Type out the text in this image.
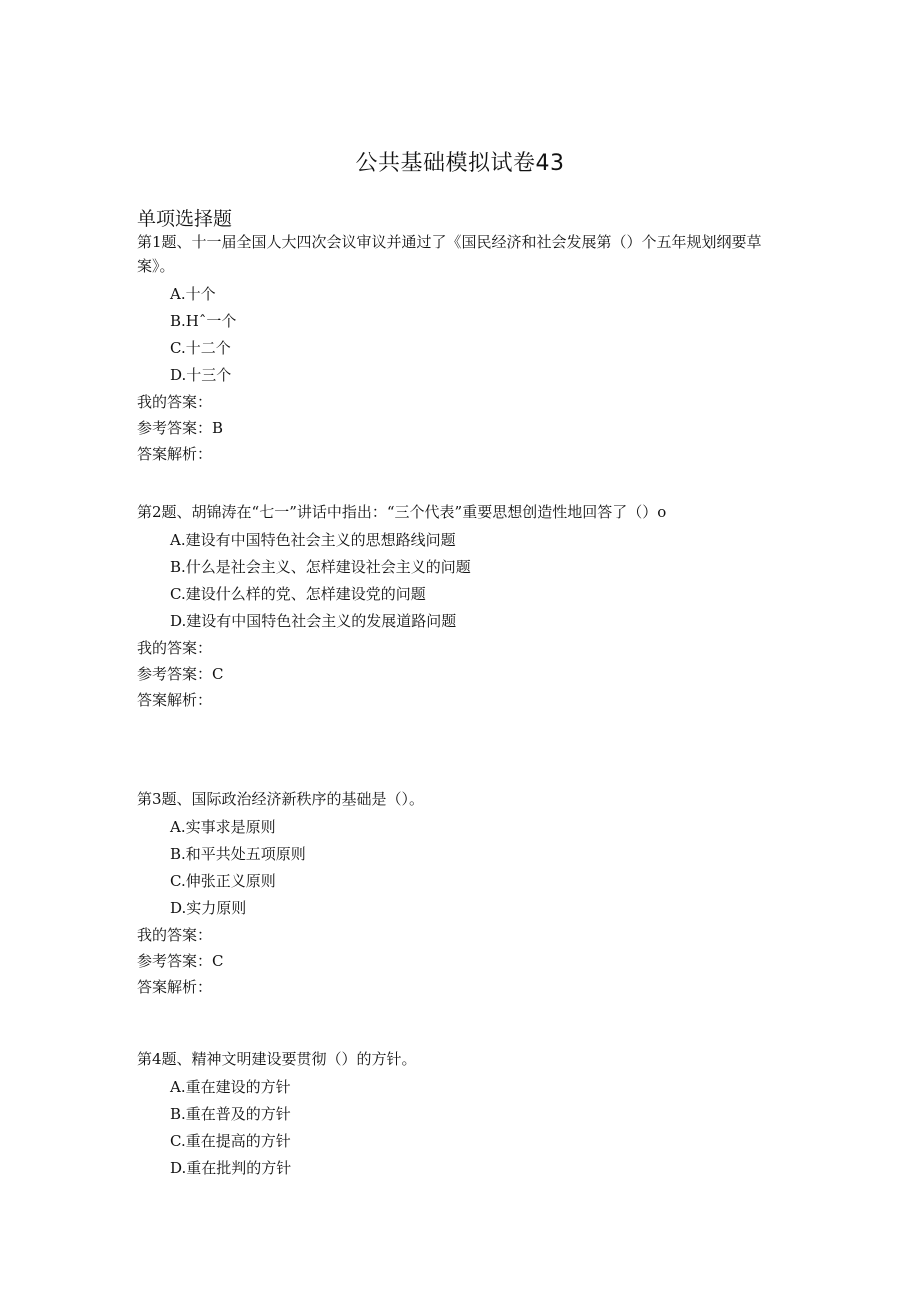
公共基础模拟试卷43
单项选择题
第1题、十一届全国人大四次会议审议并通过了《国民经济和社会发展第（）个五年规划纲要草案》。
A.十个
B.Hˆ一个
C.十二个
D.十三个
我的答案：
参考答案：B
答案解析：
第2题、胡锦涛在“七一”讲话中指出：“三个代表”重要思想创造性地回答了（）o
A.建设有中国特色社会主义的思想路线问题
B.什么是社会主义、怎样建设社会主义的问题
C.建设什么样的党、怎样建设党的问题
D.建设有中国特色社会主义的发展道路问题
我的答案：
参考答案：C
答案解析：
第3题、国际政治经济新秩序的基础是（）。
A.实事求是原则
B.和平共处五项原则
C.伸张正义原则
D.实力原则
我的答案：
参考答案：C
答案解析：
第4题、精神文明建设要贯彻（）的方针。
A.重在建设的方针
B.重在普及的方针
C.重在提高的方针
D.重在批判的方针
